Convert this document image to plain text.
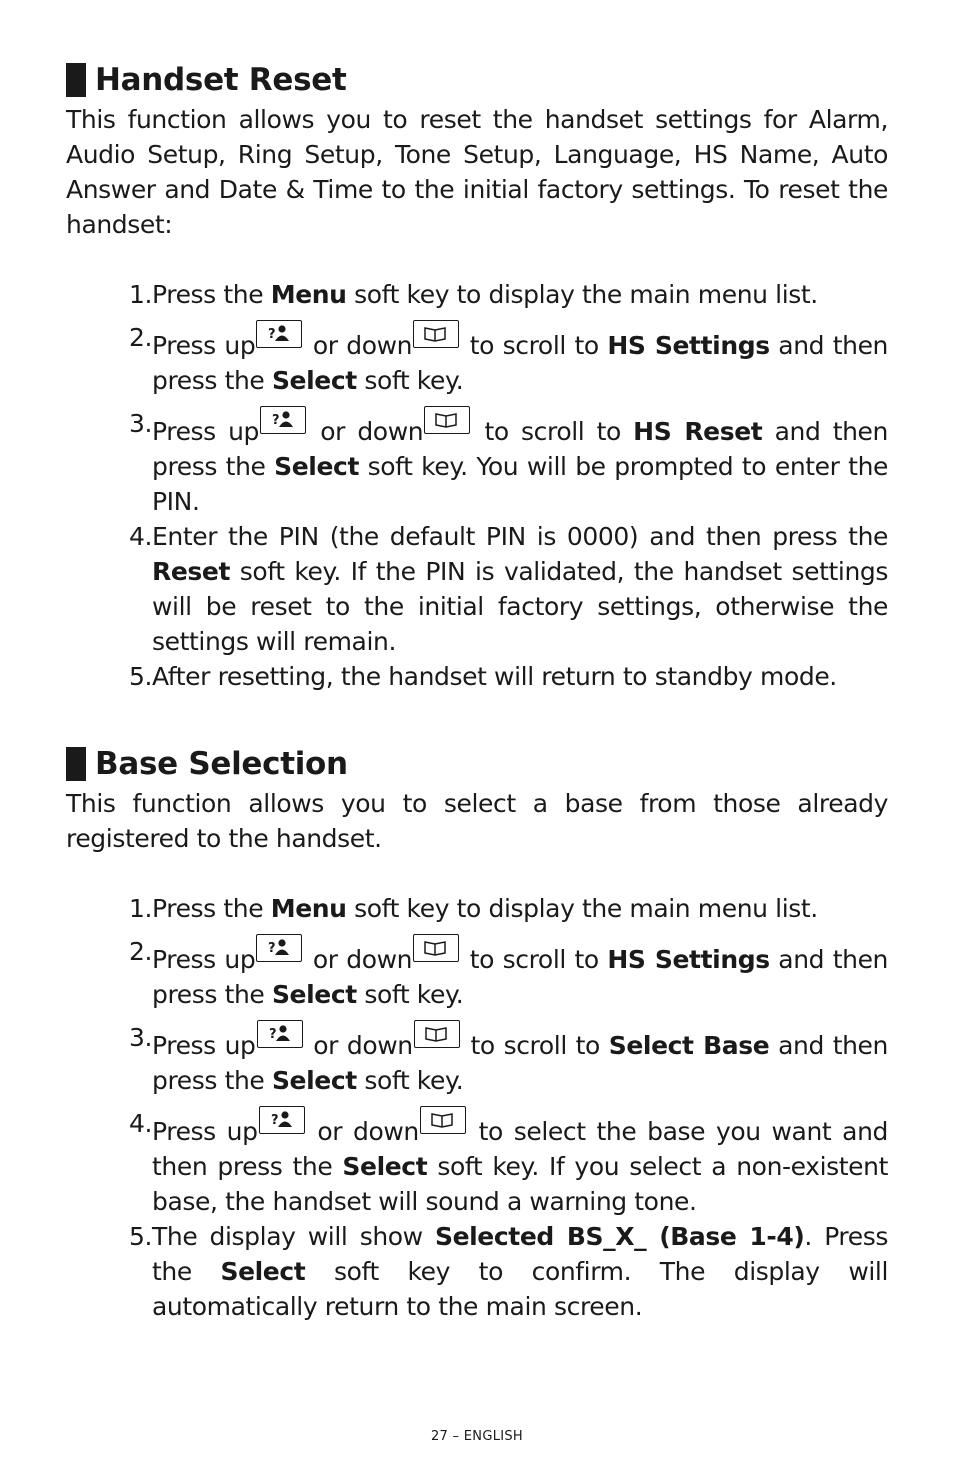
Handset Reset

This function allows you to reset the handset settings for Alarm, Audio Setup, Ring Setup, Tone Setup, Language, HS Name, Auto Answer and Date & Time to the initial factory settings. To reset the handset:

1. Press the Menu soft key to display the main menu list.
2. Press up ? or down
to scroll to HS Settings and then press the Select soft key.
3. Press up ? or down
to scroll to HS Reset and then press the Select soft key. You will be prompted to enter the PIN.
4. Enter the PIN (the default PIN is 0000) and then press the Reset soft key. If the PIN is validated, the handset settings will be reset to the initial factory settings, otherwise the settings will remain.
5. After resetting, the handset will return to standby mode.
Base Selection

This function allows you to select a base from those already registered to the handset.

1. Press the Menu soft key to display the main menu list.
2. Press up ? or down
to scroll to HS Settings and then press the Select soft key.
3. Press up ? or down
to scroll to Select Base and then press the Select soft key.
4. Press up ? or down
to select the base you want and then press the Select soft key. If you select a non-existent base, the handset will sound a warning tone.
5. The display will show Selected BS_X_ (Base 1-4). Press the Select soft key to confirm. The display will automatically return to the main screen.
27 – ENGLISH
